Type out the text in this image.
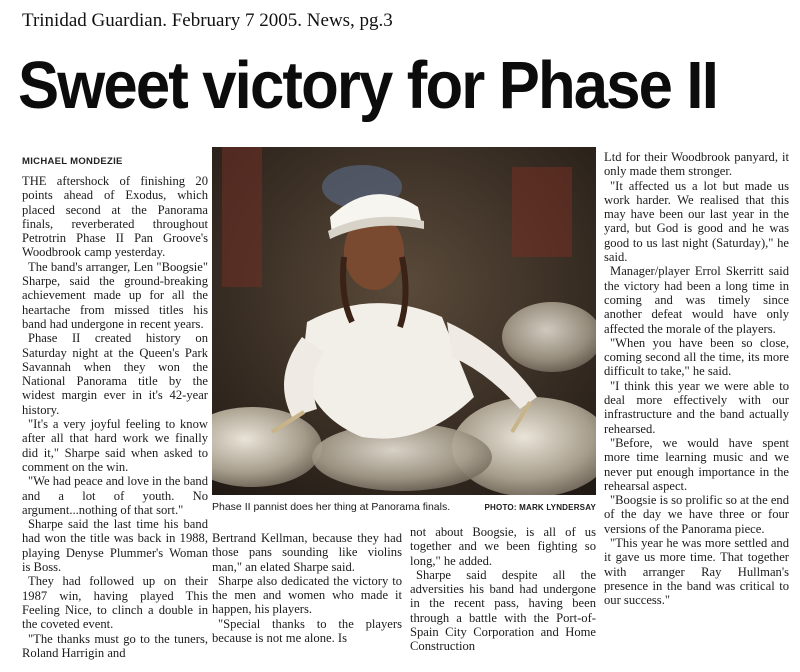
Trinidad Guardian. February 7 2005. News, pg.3
Sweet victory for Phase II
MICHAEL MONDEZIE

THE aftershock of finishing 20 points ahead of Exodus, which placed second at the Panorama finals, reverberated throughout Petrotrin Phase II Pan Groove's Woodbrook camp yesterday.

The band's arranger, Len "Boogsie" Sharpe, said the ground-breaking achievement made up for all the heartache from missed titles his band had undergone in recent years.

Phase II created history on Saturday night at the Queen's Park Savannah when they won the National Panorama title by the widest margin ever in it's 42-year history.

"It's a very joyful feeling to know after all that hard work we finally did it," Sharpe said when asked to comment on the win.

"We had peace and love in the band and a lot of youth. No argument...nothing of that sort."

Sharpe said the last time his band had won the title was back in 1988, playing Denyse Plummer's Woman is Boss.

They had followed up on their 1987 win, having played This Feeling Nice, to clinch a double in the coveted event.

"The thanks must go to the tuners, Roland Harrigin and

Phase II pannist does her thing at Panorama finals.	PHOTO: MARK LYNDERSAY

Bertrand Kellman, because they had those pans sounding like violins man," an elated Sharpe said.

Sharpe also dedicated the victory to the men and women who made it happen, his players.

"Special thanks to the players because is not me alone. Is

not about Boogsie, is all of us together and we been fighting so long," he added.

Sharpe said despite all the adversities his band had undergone in the recent pass, having been through a battle with the Port-of-Spain City Corporation and Home Construction

Ltd for their Woodbrook panyard, it only made them stronger.

"It affected us a lot but made us work harder. We realised that this may have been our last year in the yard, but God is good and he was good to us last night (Saturday)," he said.

Manager/player Errol Skerritt said the victory had been a long time in coming and was timely since another defeat would have only affected the morale of the players.

"When you have been so close, coming second all the time, its more difficult to take," he said.

"I think this year we were able to deal more effectively with our infrastructure and the band actually rehearsed.

"Before, we would have spent more time learning music and we never put enough importance in the rehearsal aspect.

"Boogsie is so prolific so at the end of the day we have three or four versions of the Panorama piece.

"This year he was more settled and it gave us more time. That together with arranger Ray Hullman's presence in the band was critical to our success."
